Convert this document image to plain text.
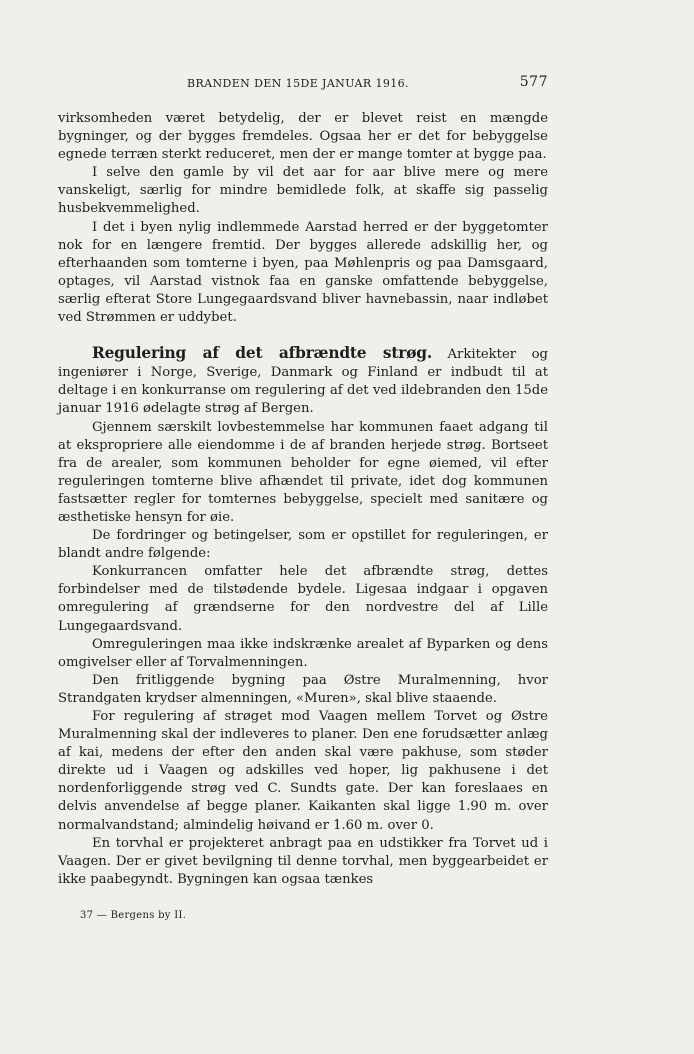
BRANDEN DEN 15DE JANUAR 1916.	577

virksomheden været betydelig, der er blevet reist en mængde bygninger, og der bygges fremdeles. Ogsaa her er det for bebyggelse egnede terræn sterkt reduceret, men der er mange tomter at bygge paa.

I selve den gamle by vil det aar for aar blive mere og mere vanskeligt, særlig for mindre bemidlede folk, at skaffe sig passelig husbekvemmelighed.

I det i byen nylig indlemmede Aarstad herred er der byggetomter nok for en længere fremtid. Der bygges allerede adskillig her, og efterhaanden som tomterne i byen, paa Møhlenpris og paa Damsgaard, optages, vil Aarstad vistnok faa en ganske omfattende bebyggelse, særlig efterat Store Lungegaardsvand bliver havnebassin, naar indløbet ved Strømmen er uddybet.

Regulering af det afbrændte strøg. Arkitekter og ingeniører i Norge, Sverige, Danmark og Finland er indbudt til at deltage i en konkurranse om regulering af det ved ildebranden den 15de januar 1916 ødelagte strøg af Bergen.

Gjennem særskilt lovbestemmelse har kommunen faaet adgang til at ekspropriere alle eiendomme i de af branden herjede strøg. Bortseet fra de arealer, som kommunen beholder for egne øiemed, vil efter reguleringen tomterne blive afhændet til private, idet dog kommunen fastsætter regler for tomternes bebyggelse, specielt med sanitære og æsthetiske hensyn for øie.

De fordringer og betingelser, som er opstillet for reguleringen, er blandt andre følgende:

Konkurrancen omfatter hele det afbrændte strøg, dettes forbindelser med de tilstødende bydele. Ligesaa indgaar i opgaven omregulering af grændserne for den nordvestre del af Lille Lungegaardsvand.

Omreguleringen maa ikke indskrænke arealet af Byparken og dens omgivelser eller af Torvalmenningen.

Den fritliggende bygning paa Østre Muralmenning, hvor Strandgaten krydser almenningen, «Muren», skal blive staaende.

For regulering af strøget mod Vaagen mellem Torvet og Østre Muralmenning skal der indleveres to planer. Den ene forudsætter anlæg af kai, medens der efter den anden skal være pakhuse, som støder direkte ud i Vaagen og adskilles ved hoper, lig pakhusene i det nordenforliggende strøg ved C. Sundts gate. Der kan foreslaaes en delvis anvendelse af begge planer. Kaikanten skal ligge 1.90 m. over normalvandstand; almindelig høivand er 1.60 m. over 0.

En torvhal er projekteret anbragt paa en udstikker fra Torvet ud i Vaagen. Der er givet bevilgning til denne torvhal, men byggearbeidet er ikke paabegyndt. Bygningen kan ogsaa tænkes

37 — Bergens by II.
